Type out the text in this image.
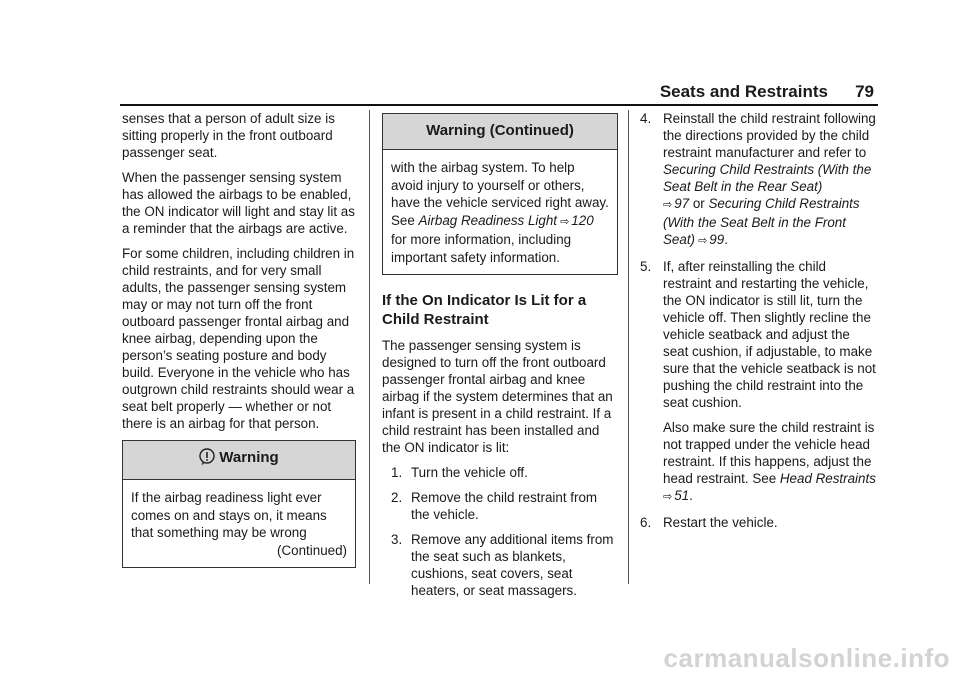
Seats and Restraints 79

senses that a person of adult size is sitting properly in the front outboard passenger seat.

When the passenger sensing system has allowed the airbags to be enabled, the ON indicator will light and stay lit as a reminder that the airbags are active.

For some children, including children in child restraints, and for very small adults, the passenger sensing system may or may not turn off the front outboard passenger frontal airbag and knee airbag, depending upon the person’s seating posture and body build. Everyone in the vehicle who has outgrown child restraints should wear a seat belt properly — whether or not there is an airbag for that person.

Warning
If the airbag readiness light ever comes on and stays on, it means that something may be wrong
(Continued)
Warning (Continued)
with the airbag system. To help avoid injury to yourself or others, have the vehicle serviced right away. See Airbag Readiness Light ⇨ 120 for more information, including important safety information.
If the On Indicator Is Lit for a Child Restraint

The passenger sensing system is designed to turn off the front outboard passenger frontal airbag and knee airbag if the system determines that an infant is present in a child restraint. If a child restraint has been installed and the ON indicator is lit:

1. Turn the vehicle off.
2. Remove the child restraint from the vehicle.
3. Remove any additional items from the seat such as blankets, cushions, seat covers, seat heaters, or seat massagers.
4. Reinstall the child restraint following the directions provided by the child restraint manufacturer and refer to Securing Child Restraints (With the Seat Belt in the Rear Seat)
⇨ 97 or Securing Child Restraints (With the Seat Belt in the Front Seat) ⇨ 99.
5. If, after reinstalling the child restraint and restarting the vehicle, the ON indicator is still lit, turn the vehicle off. Then slightly recline the vehicle seatback and adjust the seat cushion, if adjustable, to make sure that the vehicle seatback is not pushing the child restraint into the seat cushion.
Also make sure the child restraint is not trapped under the vehicle head restraint. If this happens, adjust the head restraint. See Head Restraints
⇨ 51.
6. Restart the vehicle.
carmanualsonline.info
